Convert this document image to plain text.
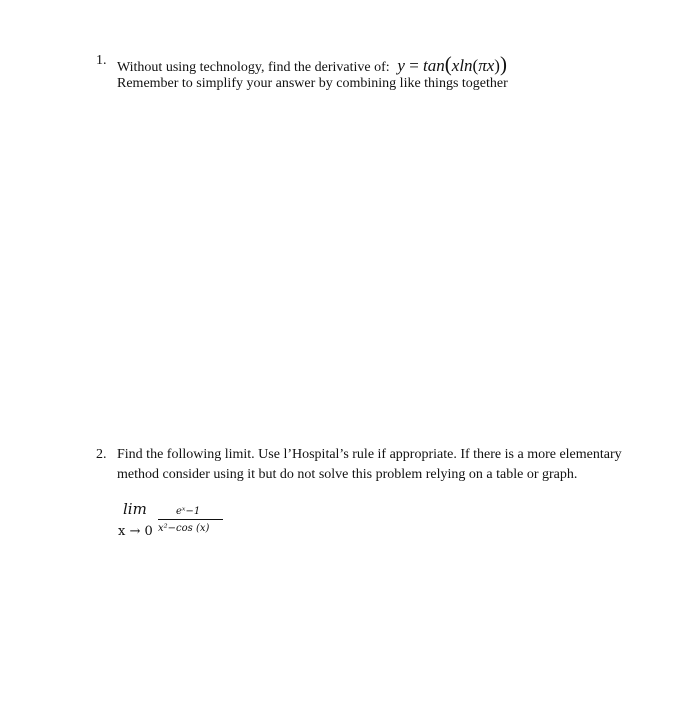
1. Without using technology, find the derivative of: y = tan(xln(πx))
Remember to simplify your answer by combining like things together
2. Find the following limit. Use l’Hospital’s rule if appropriate. If there is a more elementary
method consider using it but do not solve this problem relying on a table or graph.
lim
x → 0
eˣ−1
x²−cos (x)
